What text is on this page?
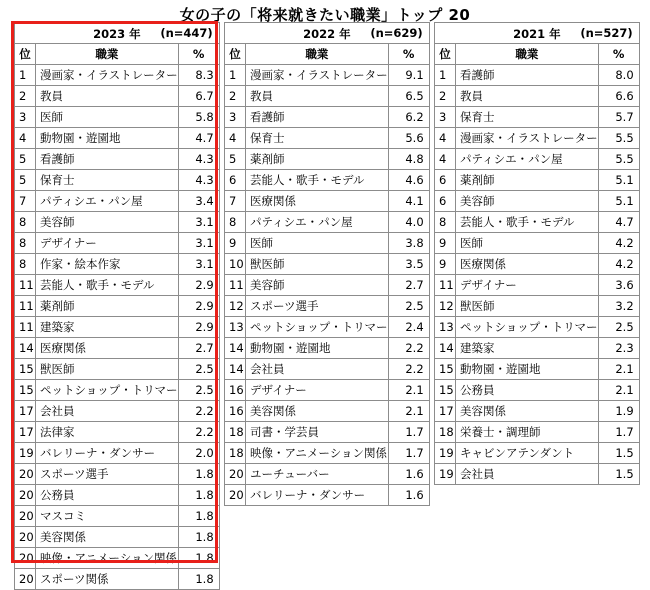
女の子の「将来就きたい職業」トップ 20
2023 年 (n=447)		

位	職業	%
1	漫画家・イラストレーター	8.3
2	教員	6.7
3	医師	5.8
4	動物園・遊園地	4.7
5	看護師	4.3
5	保育士	4.3
7	パティシエ・パン屋	3.4
8	美容師	3.1
8	デザイナー	3.1
8	作家・絵本作家	3.1
11	芸能人・歌手・モデル	2.9
11	薬剤師	2.9
11	建築家	2.9
14	医療関係	2.7
15	獣医師	2.5
15	ペットショップ・トリマー	2.5
17	会社員	2.2
17	法律家	2.2
19	バレリーナ・ダンサー	2.0
20	スポーツ選手	1.8
20	公務員	1.8
20	マスコミ	1.8
20	美容関係	1.8
20	映像・アニメーション関係	1.8
20	スポーツ関係	1.8
2022 年 (n=629)		

位	職業	%
1	漫画家・イラストレーター	9.1
2	教員	6.5
3	看護師	6.2
4	保育士	5.6
5	薬剤師	4.8
6	芸能人・歌手・モデル	4.6
7	医療関係	4.1
8	パティシエ・パン屋	4.0
9	医師	3.8
10	獣医師	3.5
11	美容師	2.7
12	スポーツ選手	2.5
13	ペットショップ・トリマー	2.4
14	動物園・遊園地	2.2
14	会社員	2.2
16	デザイナー	2.1
16	美容関係	2.1
18	司書・学芸員	1.7
18	映像・アニメーション関係	1.7
20	ユーチューバー	1.6
20	バレリーナ・ダンサー	1.6
2021 年 (n=527)		

位	職業	%
1	看護師	8.0
2	教員	6.6
3	保育士	5.7
4	漫画家・イラストレーター	5.5
4	パティシエ・パン屋	5.5
6	薬剤師	5.1
6	美容師	5.1
8	芸能人・歌手・モデル	4.7
9	医師	4.2
9	医療関係	4.2
11	デザイナー	3.6
12	獣医師	3.2
13	ペットショップ・トリマー	2.5
14	建築家	2.3
15	動物園・遊園地	2.1
15	公務員	2.1
17	美容関係	1.9
18	栄養士・調理師	1.7
19	キャビンアテンダント	1.5
19	会社員	1.5
